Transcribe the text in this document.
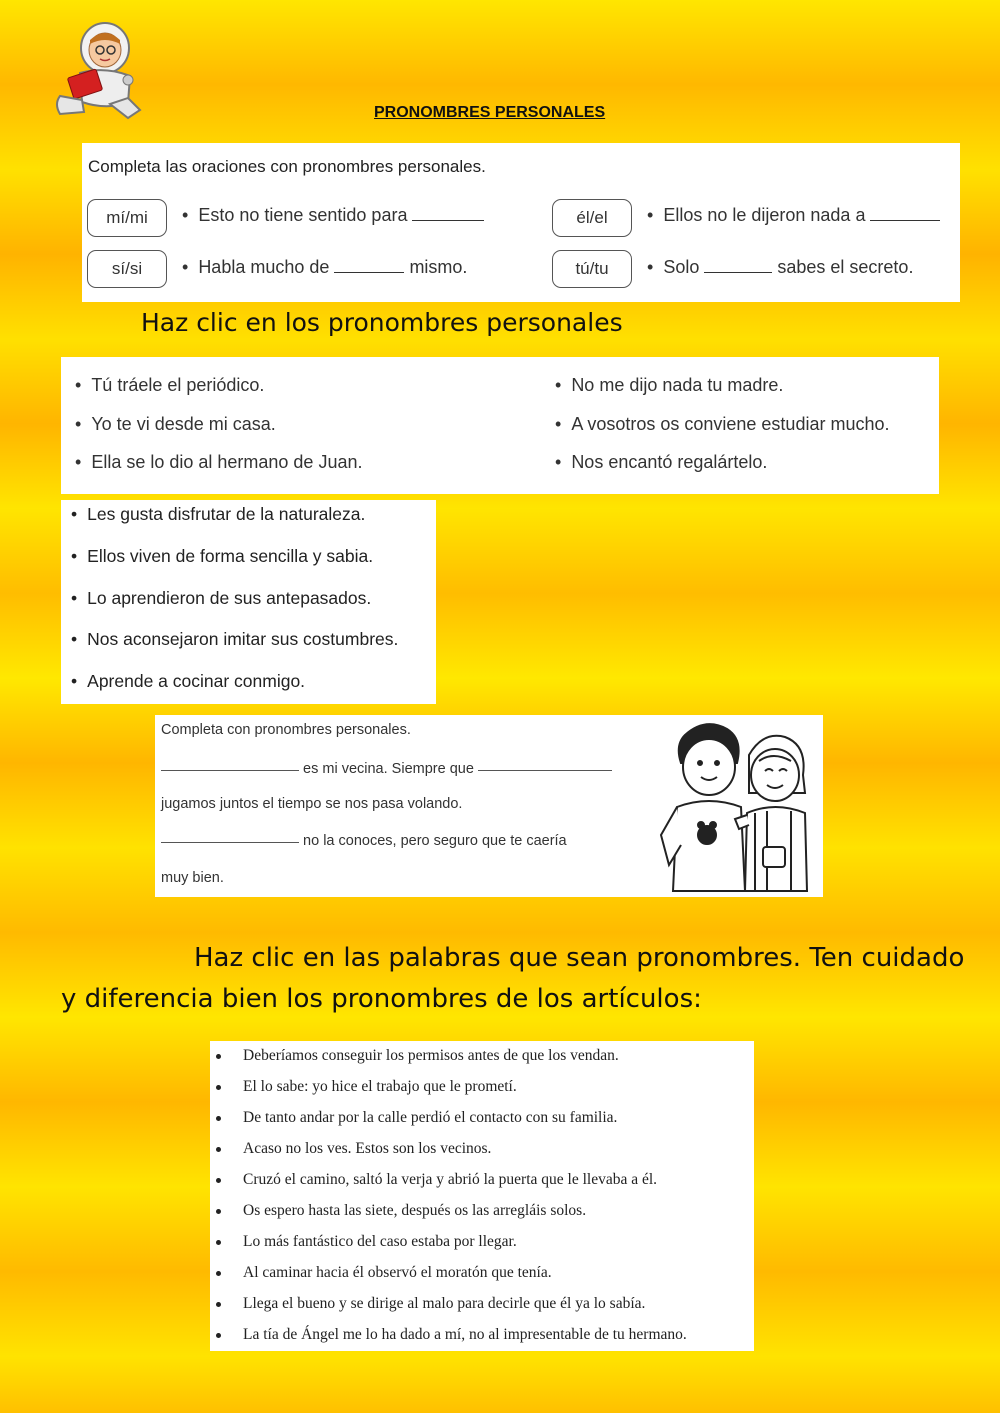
PRONOMBRES PERSONALES
Completa las oraciones con pronombres personales.
mí/mi	• Esto no tiene sentido para	él/el	• Ellos no le dijeron nada a
sí/si	• Habla mucho de	mismo.	tú/tu	• Solo	sabes el secreto.
Haz clic en los pronombres personales
• Tú tráele el periódico.
• Yo te vi desde mi casa.
• Ella se lo dio al hermano de Juan.
• No me dijo nada tu madre.
• A vosotros os conviene estudiar mucho.
• Nos encantó regalártelo.
• Les gusta disfrutar de la naturaleza.
• Ellos viven de forma sencilla y sabia.
• Lo aprendieron de sus antepasados.
• Nos aconsejaron imitar sus costumbres.
• Aprende a cocinar conmigo.
Completa con pronombres personales.
es mi vecina. Siempre que
jugamos juntos el tiempo se nos pasa volando.
no la conoces, pero seguro que te caería
muy bien.
Haz clic en las palabras que sean pronombres. Ten cuidado
y diferencia bien los pronombres de los artículos:
Deberíamos conseguir los permisos antes de que los vendan.
El lo sabe: yo hice el trabajo que le prometí.
De tanto andar por la calle perdió el contacto con su familia.
Acaso no los ves. Estos son los vecinos.
Cruzó el camino, saltó la verja y abrió la puerta que le llevaba a él.
Os espero hasta las siete, después os las arregláis solos.
Lo más fantástico del caso estaba por llegar.
Al caminar hacia él observó el moratón que tenía.
Llega el bueno y se dirige al malo para decirle que él ya lo sabía.
La tía de Ángel me lo ha dado a mí, no al impresentable de tu hermano.
